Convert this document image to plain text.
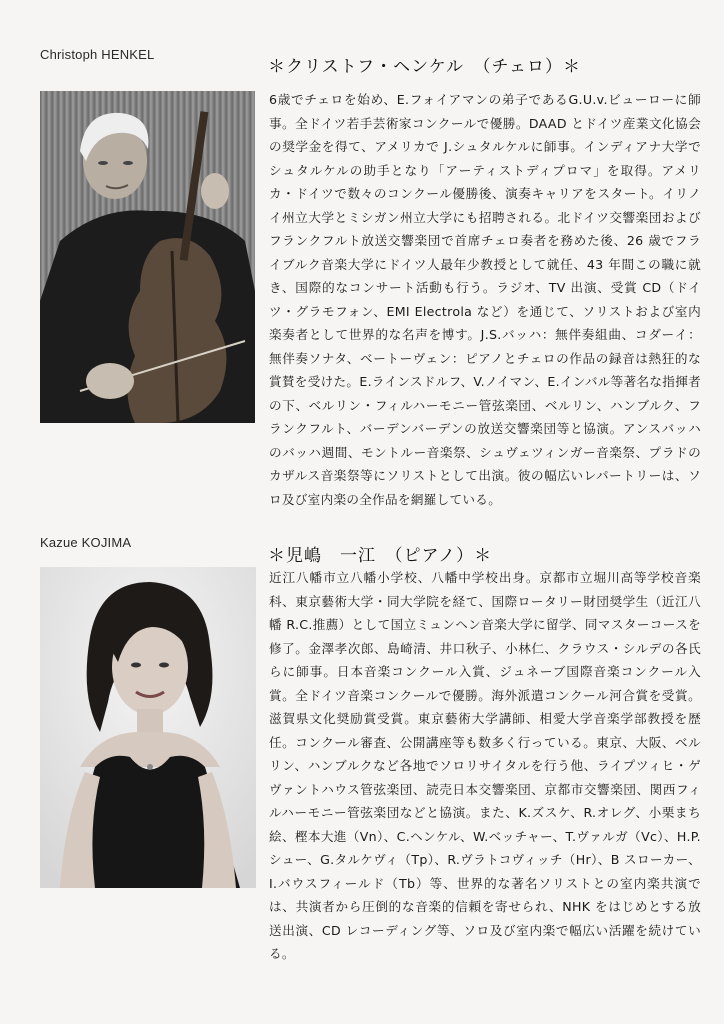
Christoph HENKEL
＊クリストフ・ヘンケル　（チェロ）＊
6歳でチェロを始め、E.フォイアマンの弟子であるG.U.v.ビューローに師事。全ドイツ若手芸術家コンクールで優勝。DAAD とドイツ産業文化協会の奨学金を得て、アメリカで J.シュタルケルに師事。インディアナ大学でシュタルケルの助手となり「アーティストディプロマ」を取得。アメリカ・ドイツで数々のコンクール優勝後、演奏キャリアをスタート。イリノイ州立大学とミシガン州立大学にも招聘される。北ドイツ交響楽団およびフランクフルト放送交響楽団で首席チェロ奏者を務めた後、26 歳でフライブルク音楽大学にドイツ人最年少教授として就任、43 年間この職に就き、国際的なコンサート活動も行う。ラジオ、TV 出演、受賞 CD（ドイツ・グラモフォン、EMI Electrola など）を通じて、ソリストおよび室内楽奏者として世界的な名声を博す。J.S.バッハ：無伴奏組曲、コダーイ：無伴奏ソナタ、ベートーヴェン：ピアノとチェロの作品の録音は熱狂的な賞賛を受けた。E.ラインスドルフ、V.ノイマン、E.インバル等著名な指揮者の下、ベルリン・フィルハーモニー管弦楽団、ベルリン、ハンブルク、フランクフルト、バーデンバーデンの放送交響楽団等と協演。アンスバッハのバッハ週間、モントルー音楽祭、シュヴェツィンガー音楽祭、プラドのカザルス音楽祭等にソリストとして出演。彼の幅広いレパートリーは、ソロ及び室内楽の全作品を網羅している。
Kazue KOJIMA
＊児嶋　一江　（ピアノ）＊
近江八幡市立八幡小学校、八幡中学校出身。京都市立堀川高等学校音楽科、東京藝術大学・同大学院を経て、国際ロータリー財団奨学生（近江八幡 R.C.推薦）として国立ミュンヘン音楽大学に留学、同マスターコースを修了。金澤孝次郎、島崎清、井口秋子、小林仁、クラウス・シルデの各氏らに師事。日本音楽コンクール入賞、ジュネーブ国際音楽コンクール入賞。全ドイツ音楽コンクールで優勝。海外派遣コンクール河合賞を受賞。滋賀県文化奨励賞受賞。東京藝術大学講師、相愛大学音楽学部教授を歴任。コンクール審査、公開講座等も数多く行っている。東京、大阪、ベルリン、ハンブルクなど各地でソロリサイタルを行う他、ライプツィヒ・ゲヴァントハウス管弦楽団、読売日本交響楽団、京都市交響楽団、関西フィルハーモニー管弦楽団などと協演。また、K.ズスケ、R.オレグ、小栗まち絵、樫本大進（Vn）、C.ヘンケル、W.ベッチャー、T.ヴァルガ（Vc）、H.P.シュー、G.タルケヴィ（Tp）、R.ヴラトコヴィッチ（Hr）、B スローカー、I.バウスフィールド（Tb）等、世界的な著名ソリストとの室内楽共演では、共演者から圧倒的な音楽的信頼を寄せられ、NHK をはじめとする放送出演、CD レコーディング等、ソロ及び室内楽で幅広い活躍を続けている。
